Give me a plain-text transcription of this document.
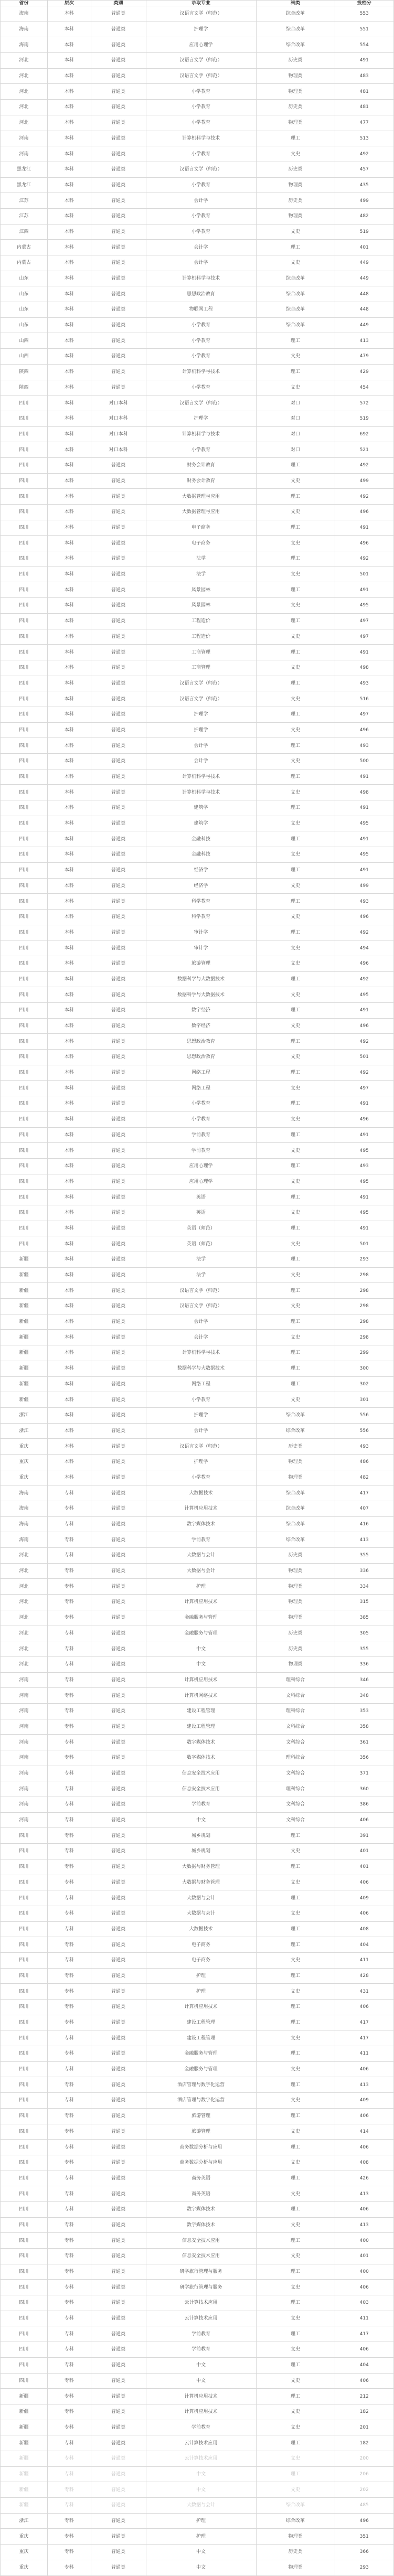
省份	层次	类别	录取专业	科类	投档分
海南	本科	普通类	汉语言文学（师范）	综合改革	553
海南	本科	普通类	护理学	综合改革	551
海南	本科	普通类	应用心理学	综合改革	554
河北	本科	普通类	汉语言文学（师范）	历史类	491
河北	本科	普通类	汉语言文学（师范）	物理类	483
河北	本科	普通类	小学教育	物理类	481
河北	本科	普通类	小学教育	历史类	481
河北	本科	普通类	小学教育	物理类	477
河南	本科	普通类	计算机科学与技术	理工	513
河南	本科	普通类	小学教育	文史	492
黑龙江	本科	普通类	汉语言文学（师范）	历史类	457
黑龙江	本科	普通类	小学教育	物理类	435
江苏	本科	普通类	会计学	历史类	499
江苏	本科	普通类	小学教育	物理类	482
江西	本科	普通类	小学教育	文史	519
内蒙古	本科	普通类	会计学	理工	401
内蒙古	本科	普通类	会计学	文史	449
山东	本科	普通类	计算机科学与技术	综合改革	449
山东	本科	普通类	思想政治教育	综合改革	448
山东	本科	普通类	物联网工程	综合改革	448
山东	本科	普通类	小学教育	综合改革	449
山西	本科	普通类	小学教育	理工	413
山西	本科	普通类	小学教育	文史	479
陕西	本科	普通类	计算机科学与技术	理工	429
陕西	本科	普通类	小学教育	文史	454
四川	本科	对口本科	汉语言文学（师范）	对口	572
四川	本科	对口本科	护理学	对口	519
四川	本科	对口本科	计算机科学与技术	对口	692
四川	本科	对口本科	小学教育	对口	521
四川	本科	普通类	财务会计教育	理工	492
四川	本科	普通类	财务会计教育	文史	499
四川	本科	普通类	大数据管理与应用	理工	492
四川	本科	普通类	大数据管理与应用	文史	496
四川	本科	普通类	电子商务	理工	491
四川	本科	普通类	电子商务	文史	496
四川	本科	普通类	法学	理工	492
四川	本科	普通类	法学	文史	501
四川	本科	普通类	风景园林	理工	491
四川	本科	普通类	风景园林	文史	495
四川	本科	普通类	工程造价	理工	497
四川	本科	普通类	工程造价	文史	497
四川	本科	普通类	工商管理	理工	491
四川	本科	普通类	工商管理	文史	498
四川	本科	普通类	汉语言文学（师范）	理工	493
四川	本科	普通类	汉语言文学（师范）	文史	516
四川	本科	普通类	护理学	理工	497
四川	本科	普通类	护理学	文史	496
四川	本科	普通类	会计学	理工	493
四川	本科	普通类	会计学	文史	500
四川	本科	普通类	计算机科学与技术	理工	491
四川	本科	普通类	计算机科学与技术	文史	498
四川	本科	普通类	建筑学	理工	491
四川	本科	普通类	建筑学	文史	495
四川	本科	普通类	金融科技	理工	491
四川	本科	普通类	金融科技	文史	495
四川	本科	普通类	经济学	理工	491
四川	本科	普通类	经济学	文史	499
四川	本科	普通类	科学教育	理工	493
四川	本科	普通类	科学教育	文史	496
四川	本科	普通类	审计学	理工	492
四川	本科	普通类	审计学	文史	494
四川	本科	普通类	旅游管理	文史	496
四川	本科	普通类	数据科学与大数据技术	理工	492
四川	本科	普通类	数据科学与大数据技术	文史	495
四川	本科	普通类	数字经济	理工	491
四川	本科	普通类	数字经济	文史	496
四川	本科	普通类	思想政治教育	理工	492
四川	本科	普通类	思想政治教育	文史	501
四川	本科	普通类	网络工程	理工	492
四川	本科	普通类	网络工程	文史	497
四川	本科	普通类	小学教育	理工	491
四川	本科	普通类	小学教育	文史	496
四川	本科	普通类	学前教育	理工	491
四川	本科	普通类	学前教育	文史	495
四川	本科	普通类	应用心理学	理工	493
四川	本科	普通类	应用心理学	文史	495
四川	本科	普通类	英语	理工	491
四川	本科	普通类	英语	文史	495
四川	本科	普通类	英语（师范）	理工	491
四川	本科	普通类	英语（师范）	文史	501
新疆	本科	普通类	法学	理工	293
新疆	本科	普通类	法学	文史	298
新疆	本科	普通类	汉语言文学（师范）	理工	298
新疆	本科	普通类	汉语言文学（师范）	文史	298
新疆	本科	普通类	会计学	理工	298
新疆	本科	普通类	会计学	文史	298
新疆	本科	普通类	计算机科学与技术	理工	299
新疆	本科	普通类	数据科学与大数据技术	理工	300
新疆	本科	普通类	网络工程	理工	302
新疆	本科	普通类	小学教育	文史	301
浙江	本科	普通类	护理学	综合改革	556
浙江	本科	普通类	会计学	综合改革	556
重庆	本科	普通类	汉语言文学（师范）	历史类	493
重庆	本科	普通类	护理学	物理类	486
重庆	本科	普通类	小学教育	物理类	482
海南	专科	普通类	大数据技术	综合改革	417
海南	专科	普通类	计算机应用技术	综合改革	407
海南	专科	普通类	数字媒体技术	综合改革	416
海南	专科	普通类	学前教育	综合改革	413
河北	专科	普通类	大数据与会计	历史类	355
河北	专科	普通类	大数据与会计	物理类	336
河北	专科	普通类	护理	物理类	334
河北	专科	普通类	计算机应用技术	物理类	315
河北	专科	普通类	金融服务与管理	物理类	385
河北	专科	普通类	金融服务与管理	历史类	305
河北	专科	普通类	中文	历史类	355
河北	专科	普通类	中文	物理类	336
河南	专科	普通类	计算机应用技术	理科综合	346
河南	专科	普通类	计算机网络技术	文科综合	348
河南	专科	普通类	建设工程管理	理科综合	353
河南	专科	普通类	建设工程管理	文科综合	358
河南	专科	普通类	数字媒体技术	文科综合	361
河南	专科	普通类	数字媒体技术	理科综合	356
河南	专科	普通类	信息安全技术应用	文科综合	371
河南	专科	普通类	信息安全技术应用	理科综合	360
河南	专科	普通类	学前教育	文科综合	386
河南	专科	普通类	中文	文科综合	406
四川	专科	普通类	城乡规划	理工	391
四川	专科	普通类	城乡规划	文史	401
四川	专科	普通类	大数据与财务管理	理工	401
四川	专科	普通类	大数据与财务管理	文史	406
四川	专科	普通类	大数据与会计	理工	409
四川	专科	普通类	大数据与会计	文史	406
四川	专科	普通类	大数据技术	理工	408
四川	专科	普通类	电子商务	理工	404
四川	专科	普通类	电子商务	文史	411
四川	专科	普通类	护理	理工	428
四川	专科	普通类	护理	文史	431
四川	专科	普通类	计算机应用技术	理工	406
四川	专科	普通类	建设工程管理	理工	417
四川	专科	普通类	建设工程管理	文史	417
四川	专科	普通类	金融服务与管理	理工	411
四川	专科	普通类	金融服务与管理	文史	406
四川	专科	普通类	酒店管理与数字化运营	理工	413
四川	专科	普通类	酒店管理与数字化运营	文史	409
四川	专科	普通类	旅游管理	理工	406
四川	专科	普通类	旅游管理	文史	414
四川	专科	普通类	商务数据分析与应用	理工	406
四川	专科	普通类	商务数据分析与应用	文史	408
四川	专科	普通类	商务英语	理工	426
四川	专科	普通类	商务英语	文史	413
四川	专科	普通类	数字媒体技术	理工	406
四川	专科	普通类	数字媒体技术	文史	413
四川	专科	普通类	信息安全技术应用	理工	400
四川	专科	普通类	信息安全技术应用	文史	401
四川	专科	普通类	研学旅行管理与服务	理工	400
四川	专科	普通类	研学旅行管理与服务	文史	406
四川	专科	普通类	云计算技术应用	理工	403
四川	专科	普通类	云计算技术应用	文史	411
四川	专科	普通类	学前教育	理工	417
四川	专科	普通类	学前教育	文史	406
四川	专科	普通类	中文	理工	404
四川	专科	普通类	中文	文史	406
新疆	专科	普通类	计算机应用技术	理工	212
新疆	专科	普通类	计算机应用技术	文史	182
新疆	专科	普通类	学前教育	文史	201
新疆	专科	普通类	云计算技术应用	理工	182
新疆	专科	普通类	云计算技术应用	文史	200
新疆	专科	普通类	中文	理工	206
新疆	专科	普通类	中文	文史	202
新疆	专科	普通类	大数据与会计	综合改革	485
浙江	专科	普通类	护理	综合改革	496
重庆	专科	普通类	护理	物理类	351
重庆	专科	普通类	中文	历史类	366
重庆	专科	普通类	中文	物理类	293
